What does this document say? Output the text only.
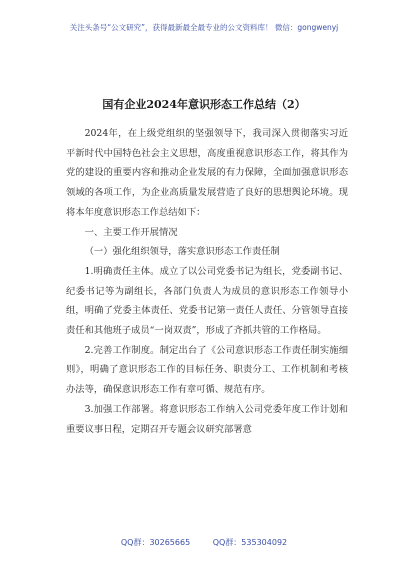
关注头条号“公文研究”，获得最新最全最专业的公文资料库！ 微信：gongwenyj
国有企业2024年意识形态工作总结（2）

2024年，在上级党组织的坚强领导下，我司深入贯彻落实习近平新时代中国特色社会主义思想，高度重视意识形态工作，将其作为党的建设的重要内容和推动企业发展的有力保障，全面加强意识形态领域的各项工作，为企业高质量发展营造了良好的思想舆论环境。现将本年度意识形态工作总结如下：

一、主要工作开展情况

（一）强化组织领导，落实意识形态工作责任制

1.明确责任主体。成立了以公司党委书记为组长，党委副书记、纪委书记等为副组长，各部门负责人为成员的意识形态工作领导小组，明确了党委主体责任、党委书记第一责任人责任、分管领导直接责任和其他班子成员“一岗双责”，形成了齐抓共管的工作格局。

2.完善工作制度。制定出台了《公司意识形态工作责任制实施细则》，明确了意识形态工作的目标任务、职责分工、工作机制和考核办法等，确保意识形态工作有章可循、规范有序。

3.加强工作部署。将意识形态工作纳入公司党委年度工作计划和重要议事日程，定期召开专题会议研究部署意

QQ群：30265665	QQ群：535304092
